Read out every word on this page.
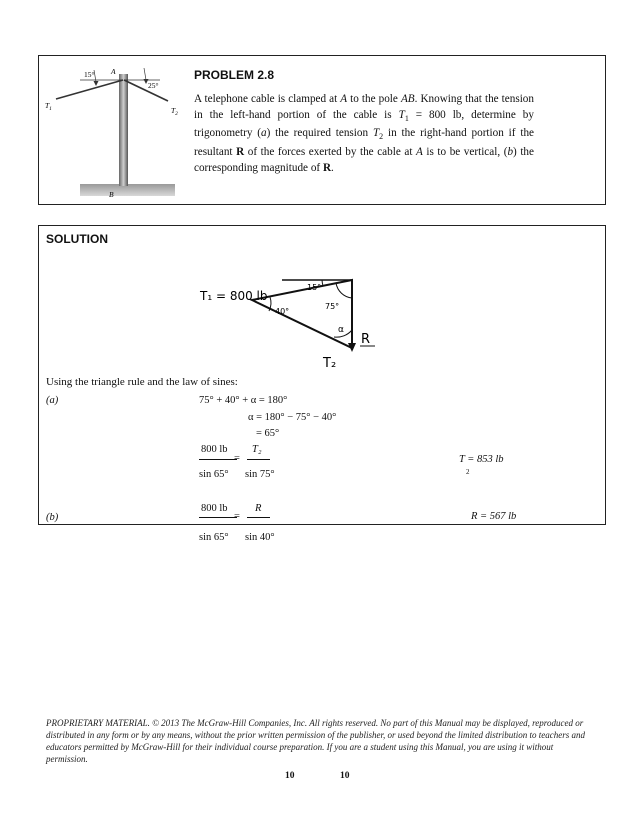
15°
25°
A
B
$T_1$	$T_2$
PROBLEM 2.8
A telephone cable is clamped at A to the pole AB. Knowing that the tension in the left-hand portion of the cable is $T_1 = 800$ lb, determine by trigonometry (a) the required tension $T_2$ in the right-hand portion if the resultant R of the forces exerted by the cable at A is to be vertical, (b) the corresponding magnitude of R.
SOLUTION
T₁ = 800 lb
15°
75°
40°
α
R
T₂
Using the triangle rule and the law of sines:
(a)	75° + 40° + α = 180°
α = 180° − 75° − 40°
= 65°
800 lb T₂
=
sin 65° sin 75°
T = 853 lb
2
(b)
800 lb	R
=
sin 65° sin 40°
R = 567 lb
PROPRIETARY MATERIAL. © 2013 The McGraw-Hill Companies, Inc. All rights reserved. No part of this Manual may be displayed, reproduced or distributed in any form or by any means, without the prior written permission of the publisher, or used beyond the limited distribution to teachers and educators permitted by McGraw-Hill for their individual course preparation. If you are a student using this Manual, you are using it without permission.
10	10
